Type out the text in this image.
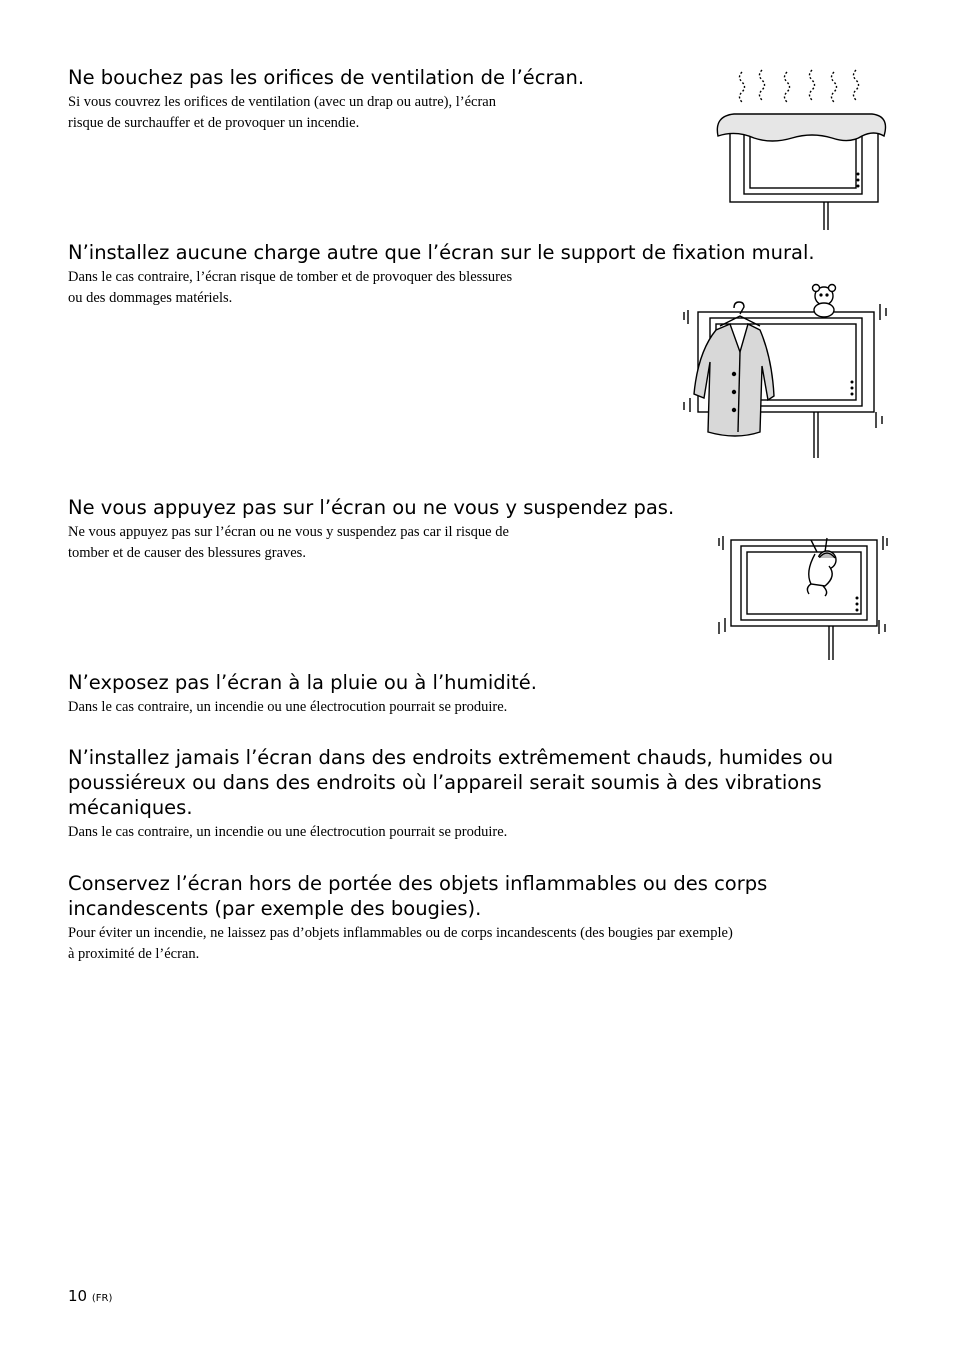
Ne bouchez pas les orifices de ventilation de l’écran.

Si vous couvrez les orifices de ventilation (avec un drap ou autre), l’écran
risque de surchauffer et de provoquer un incendie.

N’installez aucune charge autre que l’écran sur le support de fixation mural.

Dans le cas contraire, l’écran risque de tomber et de provoquer des blessures
ou des dommages matériels.

Ne vous appuyez pas sur l’écran ou ne vous y suspendez pas.

Ne vous appuyez pas sur l’écran ou ne vous y suspendez pas car il risque de
tomber et de causer des blessures graves.

N’exposez pas l’écran à la pluie ou à l’humidité.

Dans le cas contraire, un incendie ou une électrocution pourrait se produire.

N’installez jamais l’écran dans des endroits extrêmement chauds, humides ou
poussiéreux ou dans des endroits où l’appareil serait soumis à des vibrations
mécaniques.

Dans le cas contraire, un incendie ou une électrocution pourrait se produire.

Conservez l’écran hors de portée des objets inflammables ou des corps
incandescents (par exemple des bougies).

Pour éviter un incendie, ne laissez pas d’objets inflammables ou de corps incandescents (des bougies par exemple)
à proximité de l’écran.

10 (FR)
